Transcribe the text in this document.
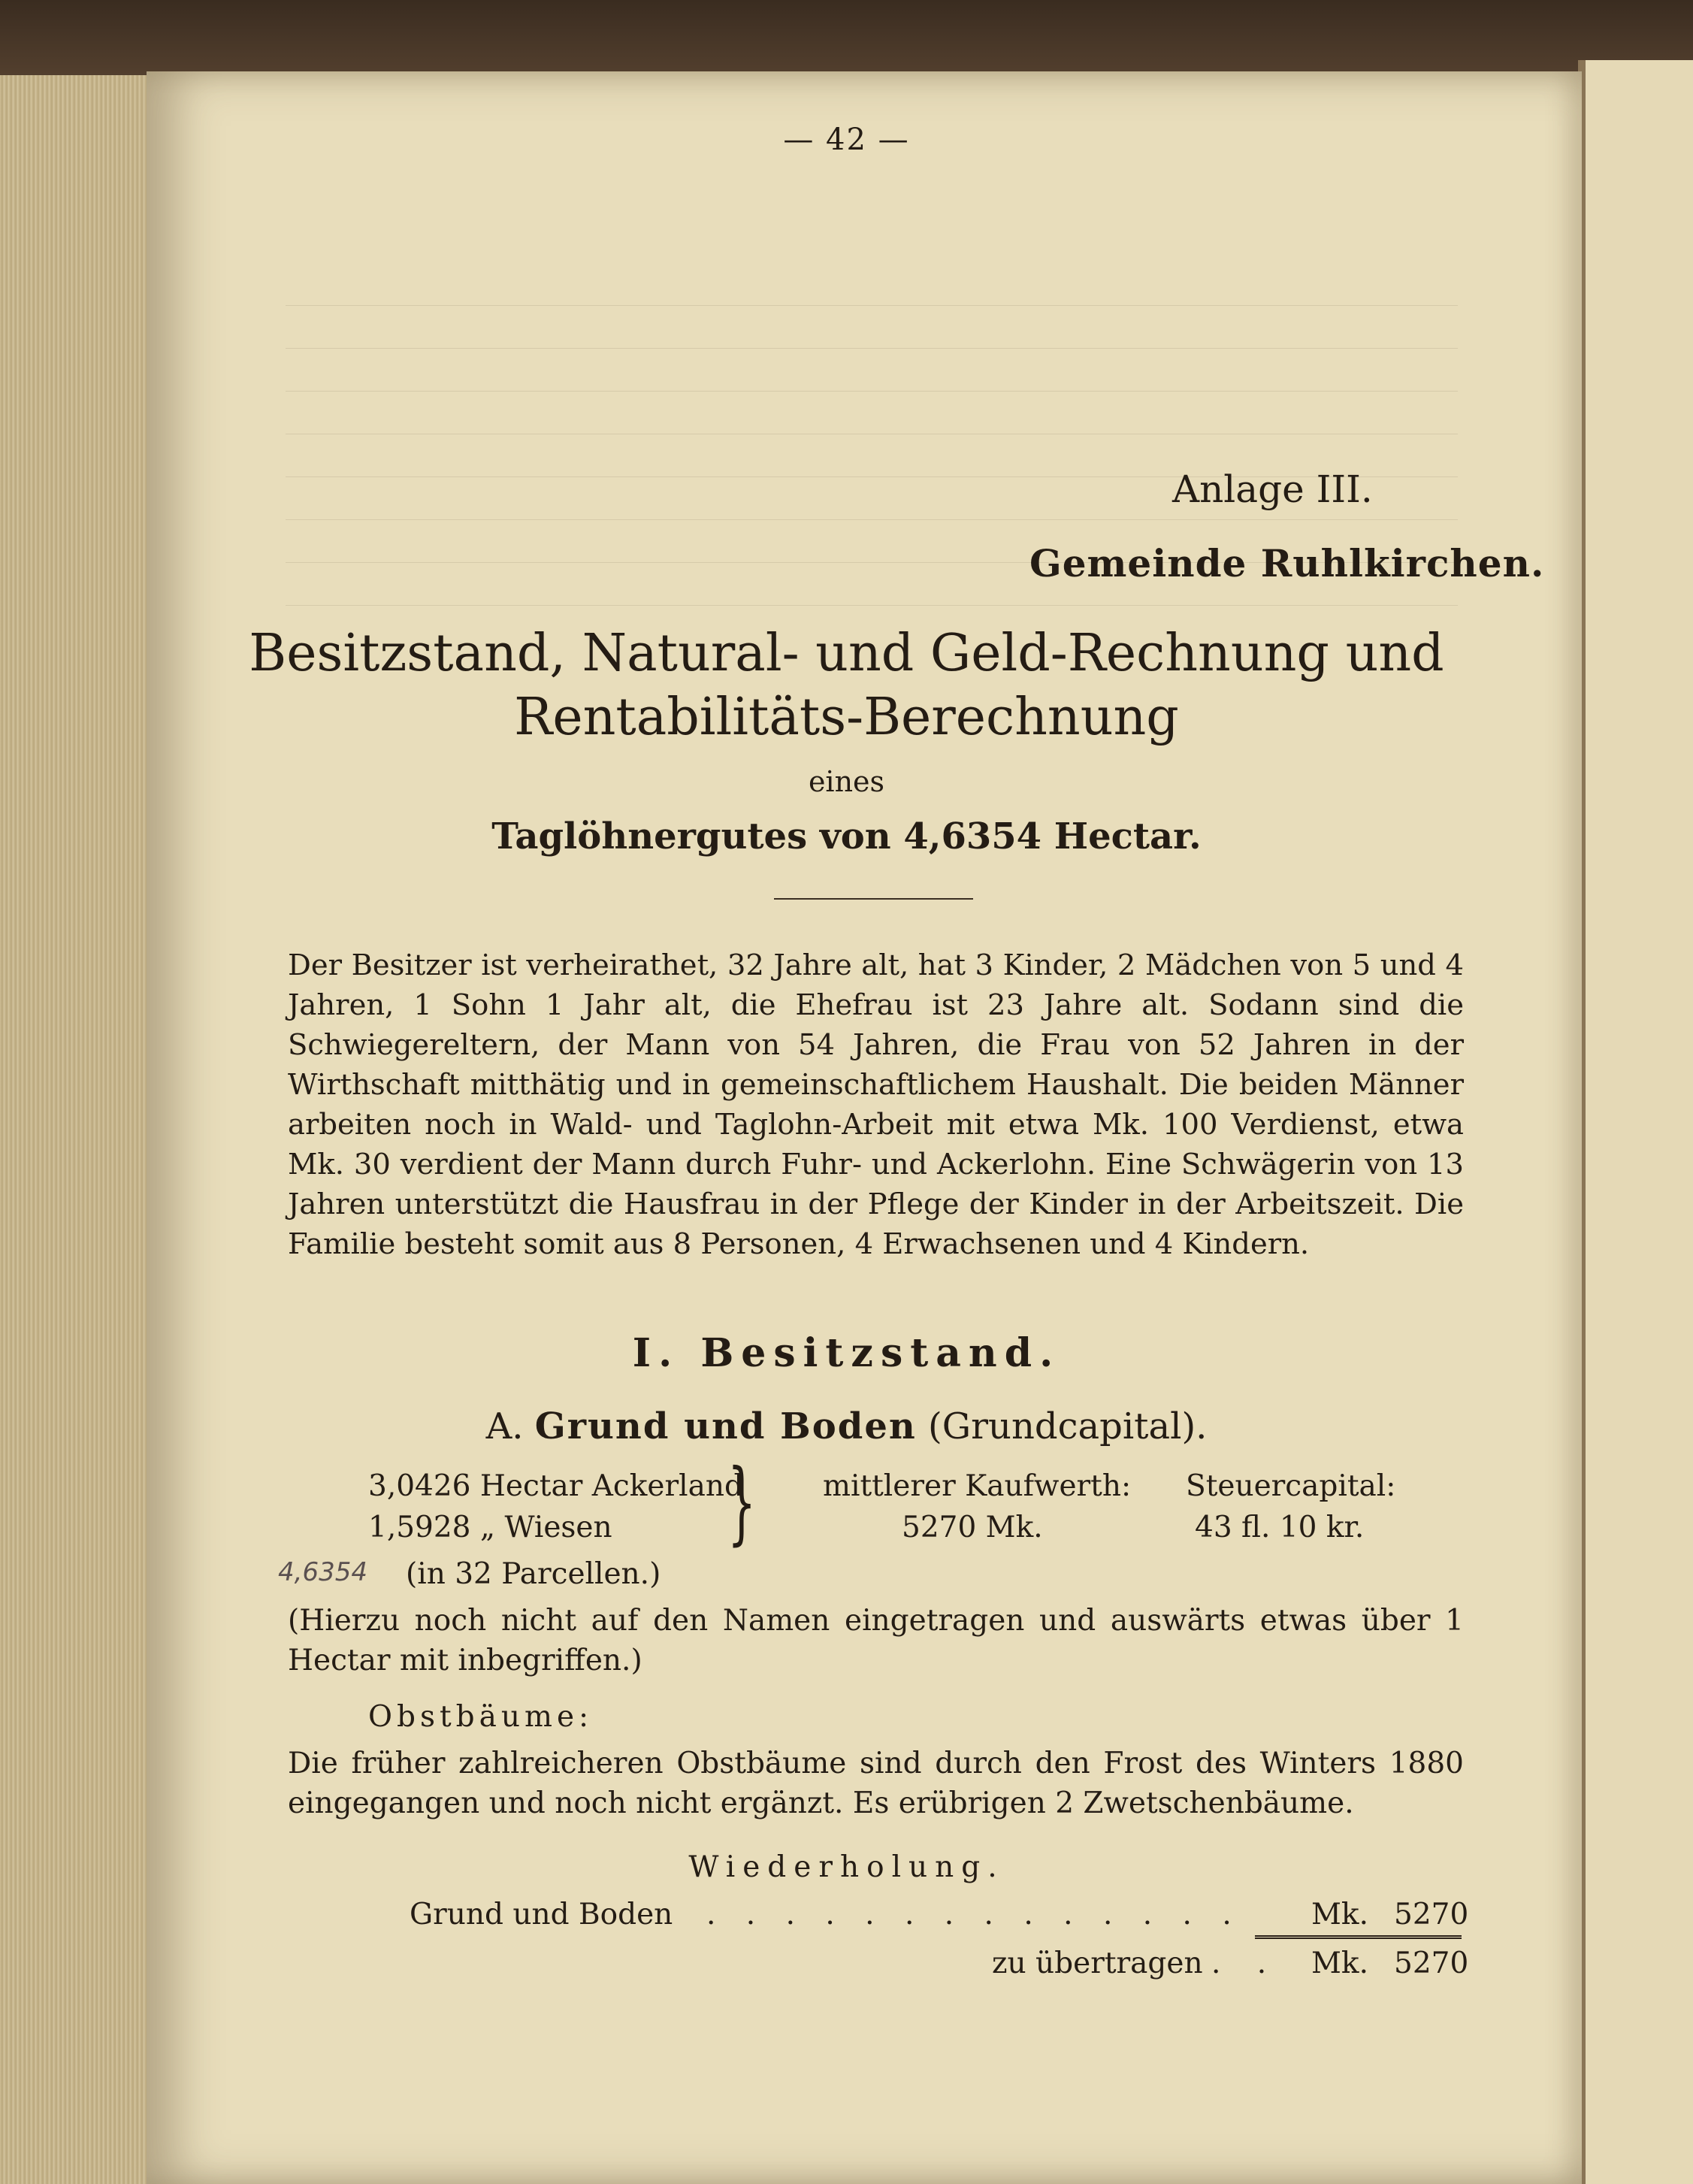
— 42 —
Anlage III.
Gemeinde Ruhlkirchen.
Besitzstand, Natural- und Geld-Rechnung und
Rentabilitäts-Berechnung
eines
Taglöhnergutes von 4,6354 Hectar.
Der Besitzer ist verheirathet, 32 Jahre alt, hat 3 Kinder, 2 Mädchen von 5 und 4 Jahren, 1 Sohn 1 Jahr alt, die Ehefrau ist 23 Jahre alt. Sodann sind die Schwiegereltern, der Mann von 54 Jahren, die Frau von 52 Jahren in der Wirthschaft mitthätig und in gemeinschaftlichem Haushalt. Die beiden Männer arbeiten noch in Wald- und Taglohn-Arbeit mit etwa Mk. 100 Verdienst, etwa Mk. 30 verdient der Mann durch Fuhr- und Ackerlohn. Eine Schwägerin von 13 Jahren unterstützt die Hausfrau in der Pflege der Kinder in der Arbeitszeit. Die Familie besteht somit aus 8 Personen, 4 Erwachsenen und 4 Kindern.
I. Besitzstand.
A. Grund und Boden (Grundcapital).
3,0426 Hectar Ackerland
1,5928 „ Wiesen } mittlerer Kaufwerth:
5270 Mk.
Steuercapital:
43 fl. 10 kr.
4,6354 (in 32 Parcellen.)
(Hierzu noch nicht auf den Namen eingetragen und auswärts etwas über 1 Hectar mit inbegriffen.)
Obstbäume:
Die früher zahlreicheren Obstbäume sind durch den Frost des Winters 1880 eingegangen und noch nicht ergänzt. Es erübrigen 2 Zwetschenbäume.
Wiederholung.
Grund und Boden . . . . . . . . . . . . . . Mk. 5270
zu übertragen . . Mk. 5270
